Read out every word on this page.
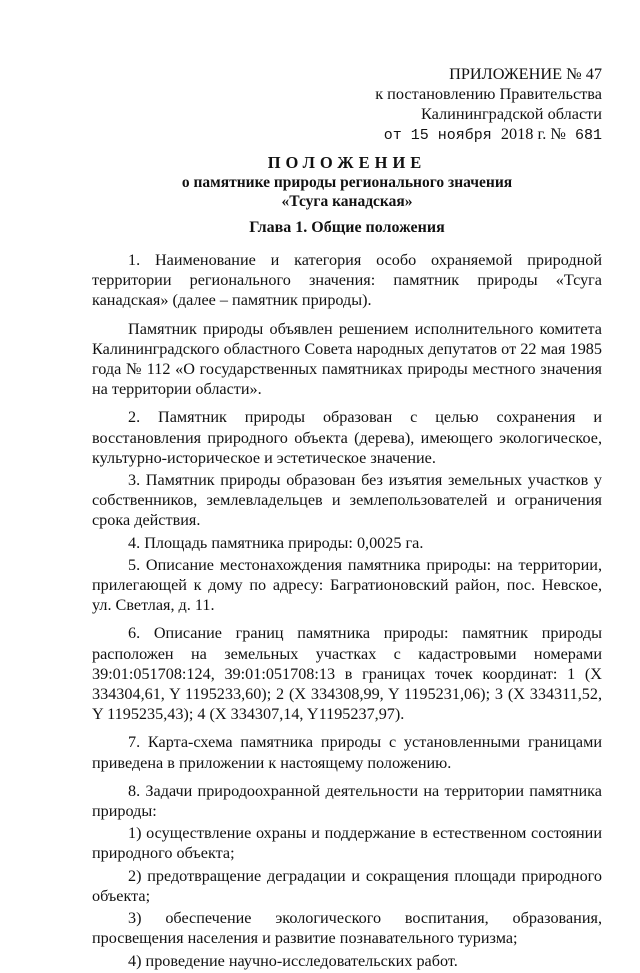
ПРИЛОЖЕНИЕ № 47
к постановлению Правительства
Калининградской области
от 15 ноября 2018 г. № 681
ПОЛОЖЕНИЕ
о памятнике природы регионального значения
«Тсуга канадская»
Глава 1. Общие положения

1. Наименование и категория особо охраняемой природной территории регионального значения: памятник природы «Тсуга канадская» (далее – памятник природы).

Памятник природы объявлен решением исполнительного комитета Калининградского областного Совета народных депутатов от 22 мая 1985 года № 112 «О государственных памятниках природы местного значения на территории области».

2. Памятник природы образован с целью сохранения и восстановления природного объекта (дерева), имеющего экологическое, культурно-историческое и эстетическое значение.

3. Памятник природы образован без изъятия земельных участков у собственников, землевладельцев и землепользователей и ограничения срока действия.

4. Площадь памятника природы: 0,0025 га.

5. Описание местонахождения памятника природы: на территории, прилегающей к дому по адресу: Багратионовский район, пос. Невское, ул. Светлая, д. 11.

6. Описание границ памятника природы: памятник природы расположен на земельных участках с кадастровыми номерами 39:01:051708:124, 39:01:051708:13 в границах точек координат: 1 (X 334304,61, Y 1195233,60); 2 (X 334308,99, Y 1195231,06); 3 (X 334311,52, Y 1195235,43); 4 (X 334307,14, Y1195237,97).

7. Карта-схема памятника природы с установленными границами приведена в приложении к настоящему положению.

8. Задачи природоохранной деятельности на территории памятника природы:

1) осуществление охраны и поддержание в естественном состоянии природного объекта;

2) предотвращение деградации и сокращения площади природного объекта;

3) обеспечение экологического воспитания, образования, просвещения населения и развитие познавательного туризма;

4) проведение научно-исследовательских работ.
